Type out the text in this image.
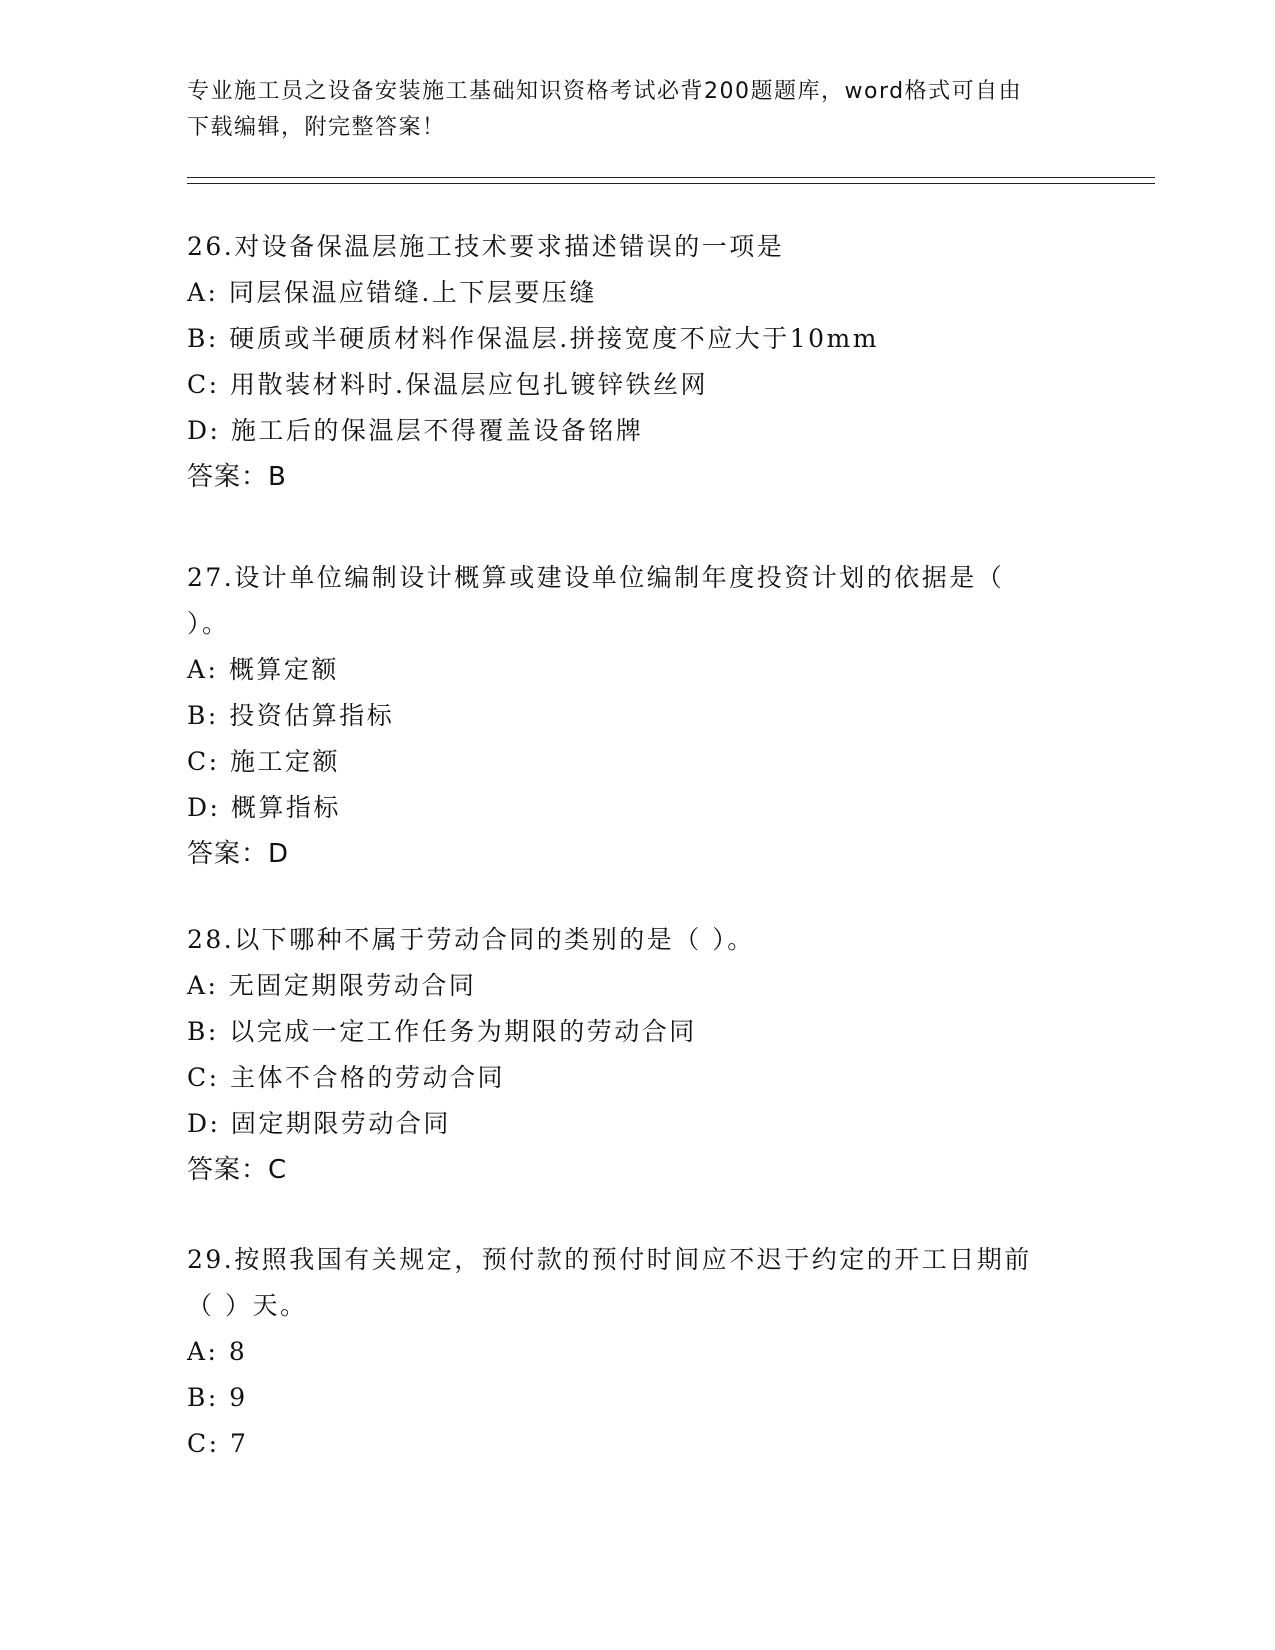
专业施工员之设备安装施工基础知识资格考试必背200题题库，word格式可自由
下载编辑，附完整答案！
26.对设备保温层施工技术要求描述错误的一项是
A: 同层保温应错缝.上下层要压缝
B: 硬质或半硬质材料作保温层.拼接宽度不应大于10mm
C: 用散装材料时.保温层应包扎镀锌铁丝网
D: 施工后的保温层不得覆盖设备铭牌
答案：B
27.设计单位编制设计概算或建设单位编制年度投资计划的依据是（
）。
A: 概算定额
B: 投资估算指标
C: 施工定额
D: 概算指标
答案：D
28.以下哪种不属于劳动合同的类别的是（ ）。
A: 无固定期限劳动合同
B: 以完成一定工作任务为期限的劳动合同
C: 主体不合格的劳动合同
D: 固定期限劳动合同
答案：C
29.按照我国有关规定，预付款的预付时间应不迟于约定的开工日期前
（ ）天。
A: 8
B: 9
C: 7
